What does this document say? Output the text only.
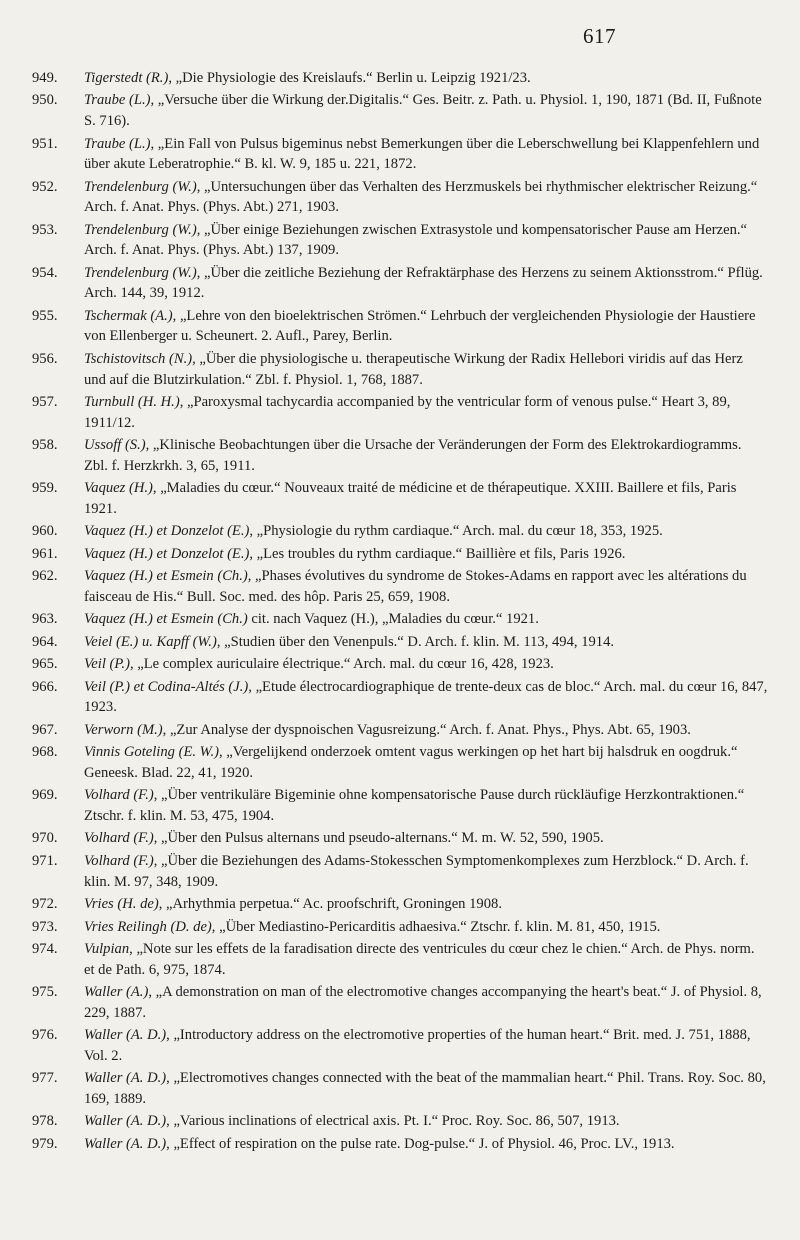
617
949. Tigerstedt (R.), „Die Physiologie des Kreislaufs.“ Berlin u. Leipzig 1921/23.
950. Traube (L.), „Versuche über die Wirkung der.Digitalis.“ Ges. Beitr. z. Path. u. Physiol. 1, 190, 1871 (Bd. II, Fußnote S. 716).
951. Traube (L.), „Ein Fall von Pulsus bigeminus nebst Bemerkungen über die Leberschwellung bei Klappenfehlern und über akute Leberatrophie.“ B. kl. W. 9, 185 u. 221, 1872.
952. Trendelenburg (W.), „Untersuchungen über das Verhalten des Herzmuskels bei rhythmischer elektrischer Reizung.“ Arch. f. Anat. Phys. (Phys. Abt.) 271, 1903.
953. Trendelenburg (W.), „Über einige Beziehungen zwischen Extrasystole und kompensatorischer Pause am Herzen.“ Arch. f. Anat. Phys. (Phys. Abt.) 137, 1909.
954. Trendelenburg (W.), „Über die zeitliche Beziehung der Refraktärphase des Herzens zu seinem Aktionsstrom.“ Pflüg. Arch. 144, 39, 1912.
955. Tschermak (A.), „Lehre von den bioelektrischen Strömen.“ Lehrbuch der vergleichenden Physiologie der Haustiere von Ellenberger u. Scheunert. 2. Aufl., Parey, Berlin.
956. Tschistovitsch (N.), „Über die physiologische u. therapeutische Wirkung der Radix Hellebori viridis auf das Herz und auf die Blutzirkulation.“ Zbl. f. Physiol. 1, 768, 1887.
957. Turnbull (H. H.), „Paroxysmal tachycardia accompanied by the ventricular form of venous pulse.“ Heart 3, 89, 1911/12.
958. Ussoff (S.), „Klinische Beobachtungen über die Ursache der Veränderungen der Form des Elektrokardiogramms. Zbl. f. Herzkrkh. 3, 65, 1911.
959. Vaquez (H.), „Maladies du cœur.“ Nouveaux traité de médicine et de thérapeutique. XXIII. Baillere et fils, Paris 1921.
960. Vaquez (H.) et Donzelot (E.), „Physiologie du rythm cardiaque.“ Arch. mal. du cœur 18, 353, 1925.
961. Vaquez (H.) et Donzelot (E.), „Les troubles du rythm cardiaque.“ Baillière et fils, Paris 1926.
962. Vaquez (H.) et Esmein (Ch.), „Phases évolutives du syndrome de Stokes-Adams en rapport avec les altérations du faisceau de His.“ Bull. Soc. med. des hôp. Paris 25, 659, 1908.
963. Vaquez (H.) et Esmein (Ch.) cit. nach Vaquez (H.), „Maladies du cœur.“ 1921.
964. Veiel (E.) u. Kapff (W.), „Studien über den Venenpuls.“ D. Arch. f. klin. M. 113, 494, 1914.
965. Veil (P.), „Le complex auriculaire électrique.“ Arch. mal. du cœur 16, 428, 1923.
966. Veil (P.) et Codina-Altés (J.), „Etude électrocardiographique de trente-deux cas de bloc.“ Arch. mal. du cœur 16, 847, 1923.
967. Verworn (M.), „Zur Analyse der dyspnoischen Vagusreizung.“ Arch. f. Anat. Phys., Phys. Abt. 65, 1903.
968. Vinnis Goteling (E. W.), „Vergelijkend onderzoek omtent vagus werkingen op het hart bij halsdruk en oogdruk.“ Geneesk. Blad. 22, 41, 1920.
969. Volhard (F.), „Über ventrikuläre Bigeminie ohne kompensatorische Pause durch rückläufige Herzkontraktionen.“ Ztschr. f. klin. M. 53, 475, 1904.
970. Volhard (F.), „Über den Pulsus alternans und pseudo-alternans.“ M. m. W. 52, 590, 1905.
971. Volhard (F.), „Über die Beziehungen des Adams-Stokesschen Symptomenkomplexes zum Herzblock.“ D. Arch. f. klin. M. 97, 348, 1909.
972. Vries (H. de), „Arhythmia perpetua.“ Ac. proofschrift, Groningen 1908.
973. Vries Reilingh (D. de), „Über Mediastino-Pericarditis adhaesiva.“ Ztschr. f. klin. M. 81, 450, 1915.
974. Vulpian, „Note sur les effets de la faradisation directe des ventricules du cœur chez le chien.“ Arch. de Phys. norm. et de Path. 6, 975, 1874.
975. Waller (A.), „A demonstration on man of the electromotive changes accompanying the heart's beat.“ J. of Physiol. 8, 229, 1887.
976. Waller (A. D.), „Introductory address on the electromotive properties of the human heart.“ Brit. med. J. 751, 1888, Vol. 2.
977. Waller (A. D.), „Electromotives changes connected with the beat of the mammalian heart.“ Phil. Trans. Roy. Soc. 80, 169, 1889.
978. Waller (A. D.), „Various inclinations of electrical axis. Pt. I.“ Proc. Roy. Soc. 86, 507, 1913.
979. Waller (A. D.), „Effect of respiration on the pulse rate. Dog-pulse.“ J. of Physiol. 46, Proc. LV., 1913.
